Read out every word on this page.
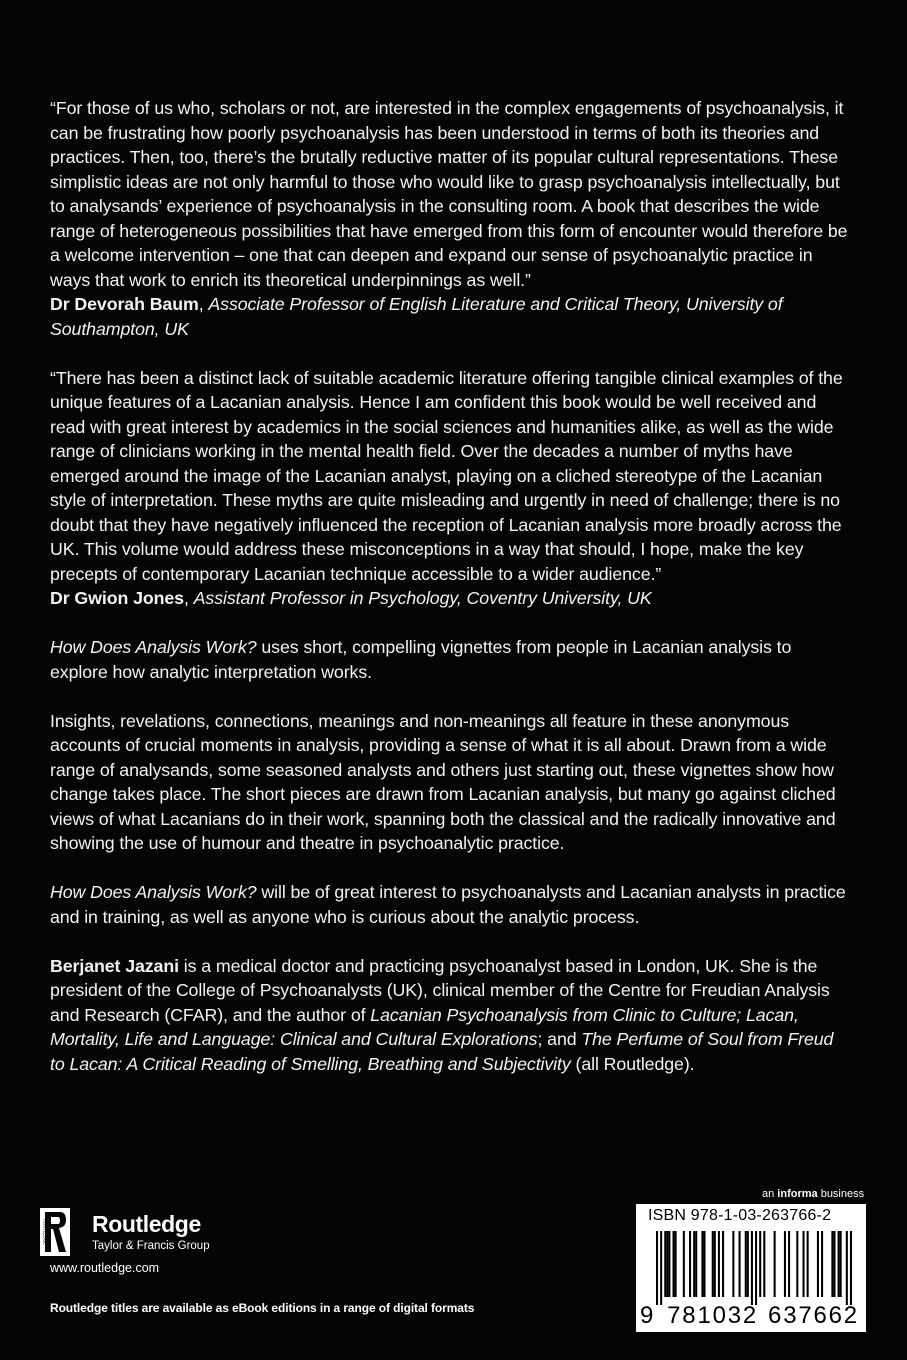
“For those of us who, scholars or not, are interested in the complex engagements of psychoanalysis, it can be frustrating how poorly psychoanalysis has been understood in terms of both its theories and practices. Then, too, there’s the brutally reductive matter of its popular cultural representations. These simplistic ideas are not only harmful to those who would like to grasp psychoanalysis intellectually, but to analysands’ experience of psychoanalysis in the consulting room. A book that describes the wide range of heterogeneous possibilities that have emerged from this form of encounter would therefore be a welcome intervention – one that can deepen and expand our sense of psychoanalytic practice in ways that work to enrich its theoretical underpinnings as well.”

Dr Devorah Baum, Associate Professor of English Literature and Critical Theory, University of Southampton, UK

“There has been a distinct lack of suitable academic literature offering tangible clinical examples of the unique features of a Lacanian analysis. Hence I am confident this book would be well received and read with great interest by academics in the social sciences and humanities alike, as well as the wide range of clinicians working in the mental health field. Over the decades a number of myths have emerged around the image of the Lacanian analyst, playing on a cliched stereotype of the Lacanian style of interpretation. These myths are quite misleading and urgently in need of challenge; there is no doubt that they have negatively influenced the reception of Lacanian analysis more broadly across the UK. This volume would address these misconceptions in a way that should, I hope, make the key precepts of contemporary Lacanian technique accessible to a wider audience.”

Dr Gwion Jones, Assistant Professor in Psychology, Coventry University, UK

How Does Analysis Work? uses short, compelling vignettes from people in Lacanian analysis to explore how analytic interpretation works.

Insights, revelations, connections, meanings and non-meanings all feature in these anonymous accounts of crucial moments in analysis, providing a sense of what it is all about. Drawn from a wide range of analysands, some seasoned analysts and others just starting out, these vignettes show how change takes place. The short pieces are drawn from Lacanian analysis, but many go against cliched views of what Lacanians do in their work, spanning both the classical and the radically innovative and showing the use of humour and theatre in psychoanalytic practice.

How Does Analysis Work? will be of great interest to psychoanalysts and Lacanian analysts in practice and in training, as well as anyone who is curious about the analytic process.

Berjanet Jazani is a medical doctor and practicing psychoanalyst based in London, UK. She is the president of the College of Psychoanalysts (UK), clinical member of the Centre for Freudian Analysis and Research (CFAR), and the author of Lacanian Psychoanalysis from Clinic to Culture; Lacan, Mortality, Life and Language: Clinical and Cultural Explorations; and The Perfume of Soul from Freud to Lacan: A Critical Reading of Smelling, Breathing and Subjectivity (all Routledge).

ROUTLEDGE Routledge
Taylor & Francis Group
www.routledge.com
Routledge titles are available as eBook editions in a range of digital formats
an informa business
ISBN 978-1-03-263766-2
9 781032 637662
